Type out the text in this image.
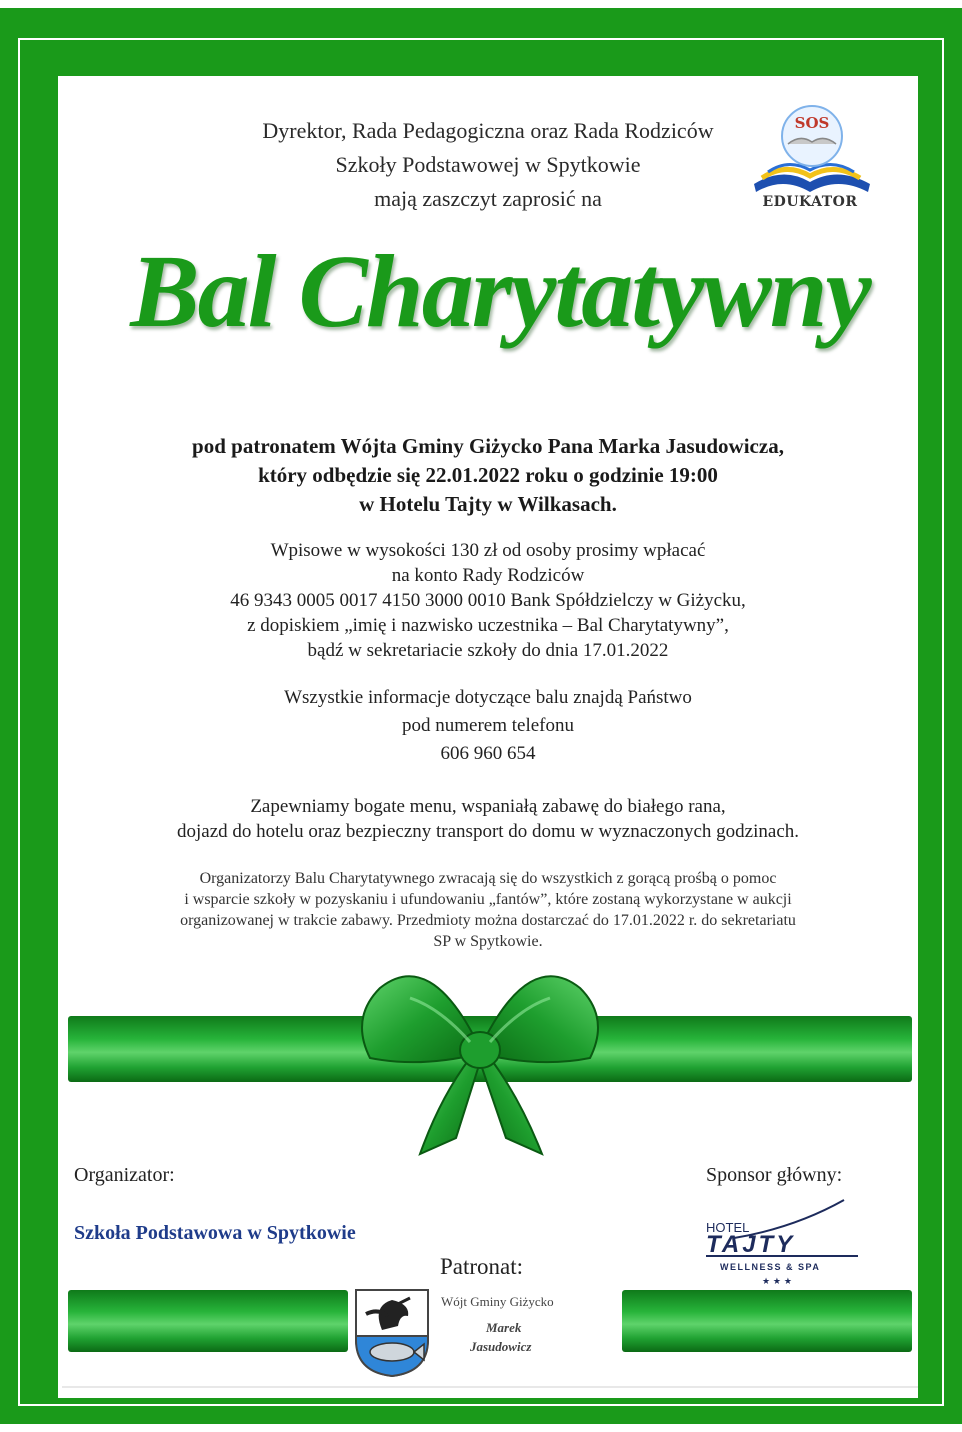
Dyrektor, Rada Pedagogiczna oraz Rada Rodziców
Szkoły Podstawowej w Spytkowie
mają zaszczyt zaprosić na
SOS
EDUKATOR
Bal Charytatywny
pod patronatem Wójta Gminy Giżycko Pana Marka Jasudowicza,
który odbędzie się 22.01.2022 roku o godzinie 19:00
w Hotelu Tajty w Wilkasach.
Wpisowe w wysokości 130 zł od osoby prosimy wpłacać
na konto Rady Rodziców
46 9343 0005 0017 4150 3000 0010 Bank Spółdzielczy w Giżycku,
z dopiskiem „imię i nazwisko uczestnika – Bal Charytatywny”,
bądź w sekretariacie szkoły do dnia 17.01.2022
Wszystkie informacje dotyczące balu znajdą Państwo
pod numerem telefonu
606 960 654
Zapewniamy bogate menu, wspaniałą zabawę do białego rana,
dojazd do hotelu oraz bezpieczny transport do domu w wyznaczonych godzinach.
Organizatorzy Balu Charytatywnego zwracają się do wszystkich z gorącą prośbą o pomoc
i wsparcie szkoły w pozyskaniu i ufundowaniu „fantów”, które zostaną wykorzystane w aukcji
organizowanej w trakcie zabawy. Przedmioty można dostarczać do 17.01.2022 r. do sekretariatu
SP w Spytkowie.
Organizator:
Szkoła Podstawowa w Spytkowie
Sponsor główny:
HOTEL
TAJTY
WELLNESS & SPA
★ ★ ★
Patronat:
Wójt Gminy Giżycko
Marek
Jasudowicz
